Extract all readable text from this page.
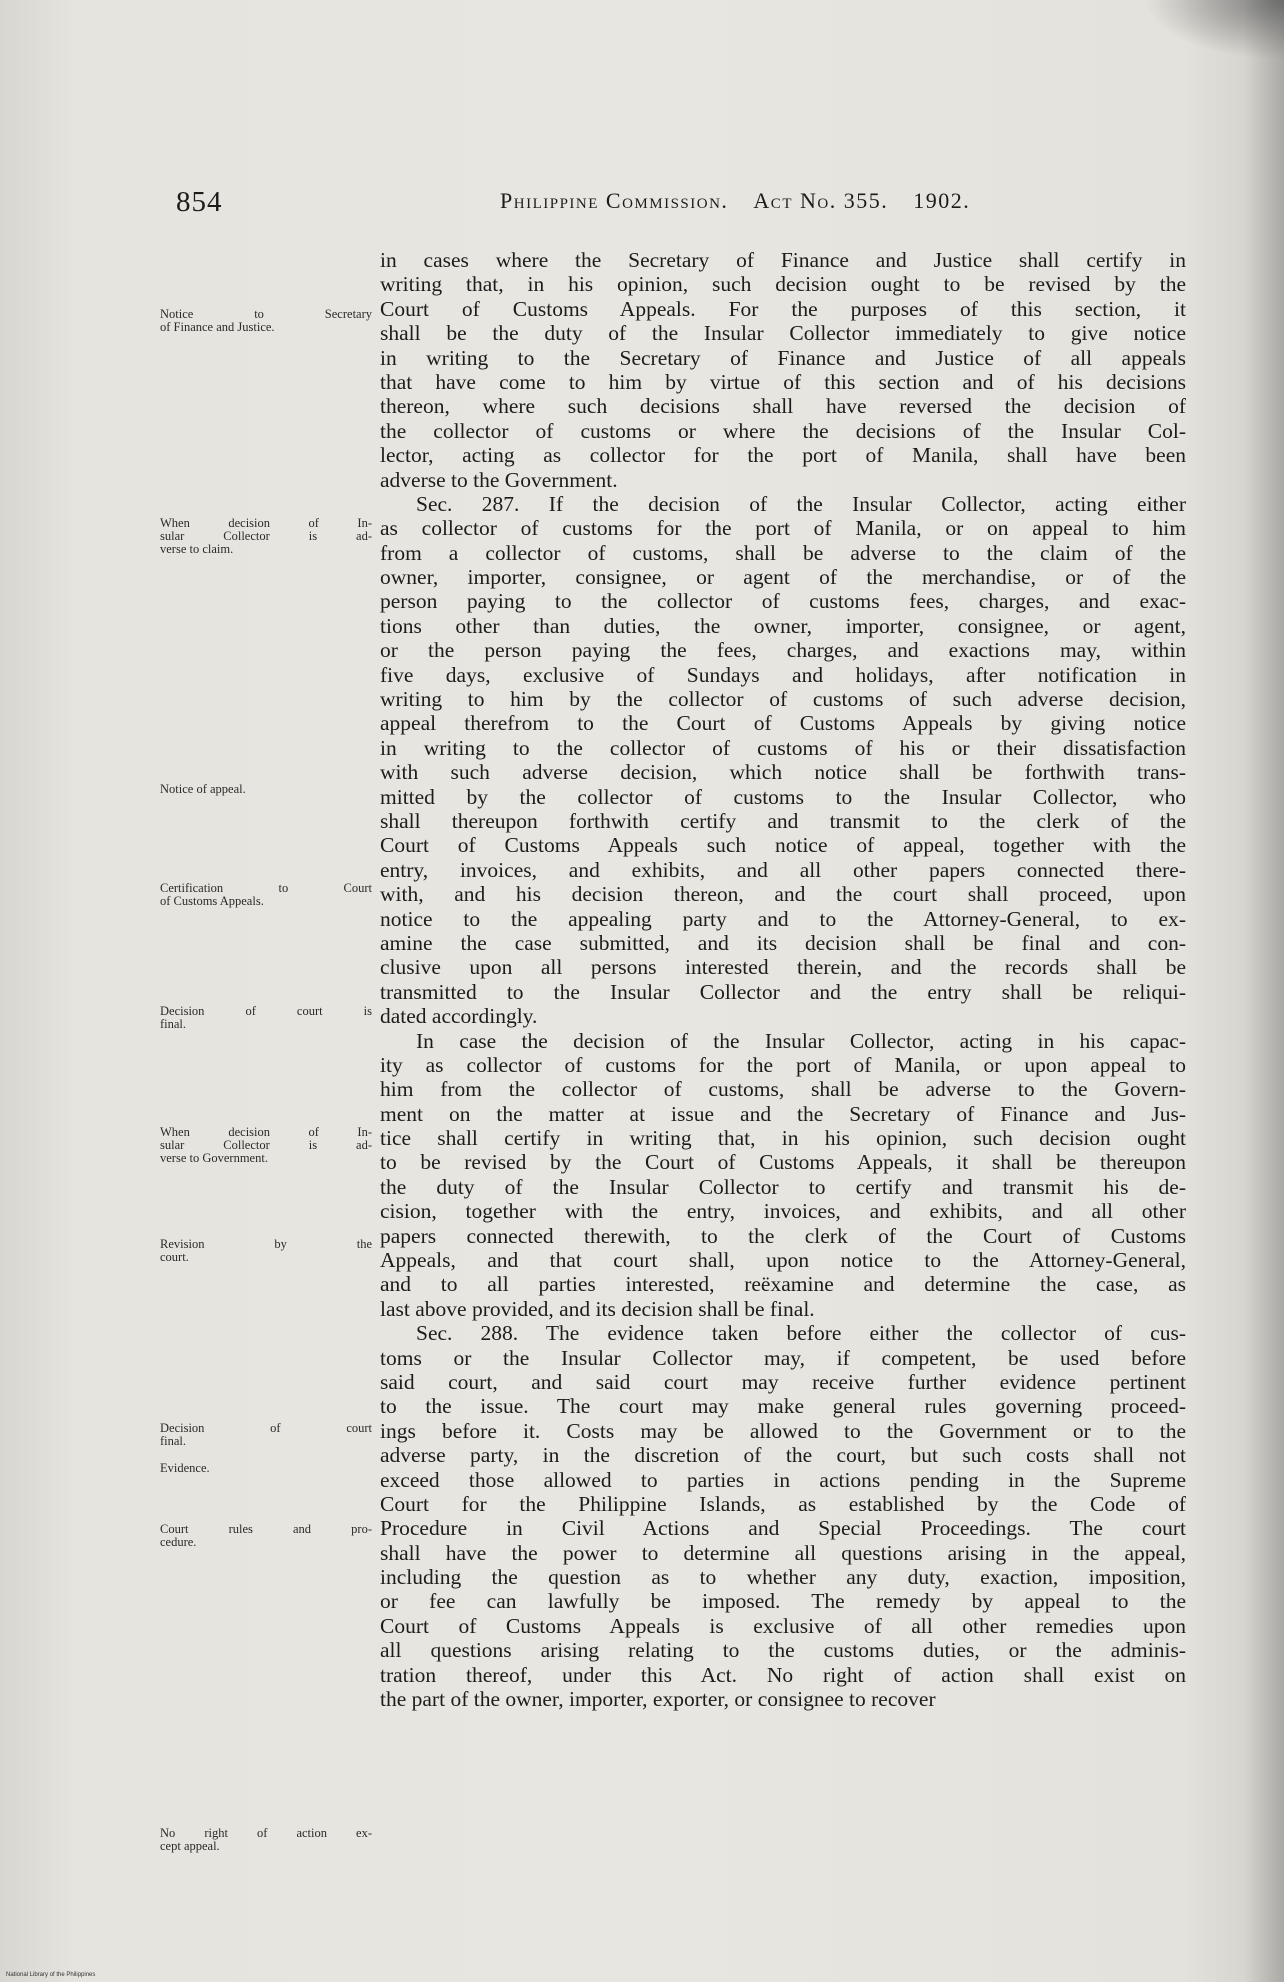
854	Philippine Commission. Act No. 355. 1902.
in cases where the Secretary of Finance and Justice shall certify in
writing that, in his opinion, such decision ought to be revised by the
Court of Customs Appeals. For the purposes of this section, it
shall be the duty of the Insular Collector immediately to give notice
in writing to the Secretary of Finance and Justice of all appeals
that have come to him by virtue of this section and of his decisions
thereon, where such decisions shall have reversed the decision of
the collector of customs or where the decisions of the Insular Col-
lector, acting as collector for the port of Manila, shall have been
adverse to the Government.
Sec. 287. If the decision of the Insular Collector, acting either
as collector of customs for the port of Manila, or on appeal to him
from a collector of customs, shall be adverse to the claim of the
owner, importer, consignee, or agent of the merchandise, or of the
person paying to the collector of customs fees, charges, and exac-
tions other than duties, the owner, importer, consignee, or agent,
or the person paying the fees, charges, and exactions may, within
five days, exclusive of Sundays and holidays, after notification in
writing to him by the collector of customs of such adverse decision,
appeal therefrom to the Court of Customs Appeals by giving notice
in writing to the collector of customs of his or their dissatisfaction
with such adverse decision, which notice shall be forthwith trans-
mitted by the collector of customs to the Insular Collector, who
shall thereupon forthwith certify and transmit to the clerk of the
Court of Customs Appeals such notice of appeal, together with the
entry, invoices, and exhibits, and all other papers connected there-
with, and his decision thereon, and the court shall proceed, upon
notice to the appealing party and to the Attorney-General, to ex-
amine the case submitted, and its decision shall be final and con-
clusive upon all persons interested therein, and the records shall be
transmitted to the Insular Collector and the entry shall be reliqui-
dated accordingly.
In case the decision of the Insular Collector, acting in his capac-
ity as collector of customs for the port of Manila, or upon appeal to
him from the collector of customs, shall be adverse to the Govern-
ment on the matter at issue and the Secretary of Finance and Jus-
tice shall certify in writing that, in his opinion, such decision ought
to be revised by the Court of Customs Appeals, it shall be thereupon
the duty of the Insular Collector to certify and transmit his de-
cision, together with the entry, invoices, and exhibits, and all other
papers connected therewith, to the clerk of the Court of Customs
Appeals, and that court shall, upon notice to the Attorney-General,
and to all parties interested, reëxamine and determine the case, as
last above provided, and its decision shall be final.
Sec. 288. The evidence taken before either the collector of cus-
toms or the Insular Collector may, if competent, be used before
said court, and said court may receive further evidence pertinent
to the issue. The court may make general rules governing proceed-
ings before it. Costs may be allowed to the Government or to the
adverse party, in the discretion of the court, but such costs shall not
exceed those allowed to parties in actions pending in the Supreme
Court for the Philippine Islands, as established by the Code of
Procedure in Civil Actions and Special Proceedings. The court
shall have the power to determine all questions arising in the appeal,
including the question as to whether any duty, exaction, imposition,
or fee can lawfully be imposed. The remedy by appeal to the
Court of Customs Appeals is exclusive of all other remedies upon
all questions arising relating to the customs duties, or the adminis-
tration thereof, under this Act. No right of action shall exist on
the part of the owner, importer, exporter, or consignee to recover
Notice to Secretary
of Finance and Justice.
When decision of In-
sular Collector is ad-
verse to claim.
Notice of appeal.
Certification to Court
of Customs Appeals.
Decision of court is
final.
When decision of In-
sular Collector is ad-
verse to Government.
Revision by the
court.
Decision of court
final.
Evidence.
Court rules and pro-
cedure.
No right of action ex-
cept appeal.
National Library of the Philippines
